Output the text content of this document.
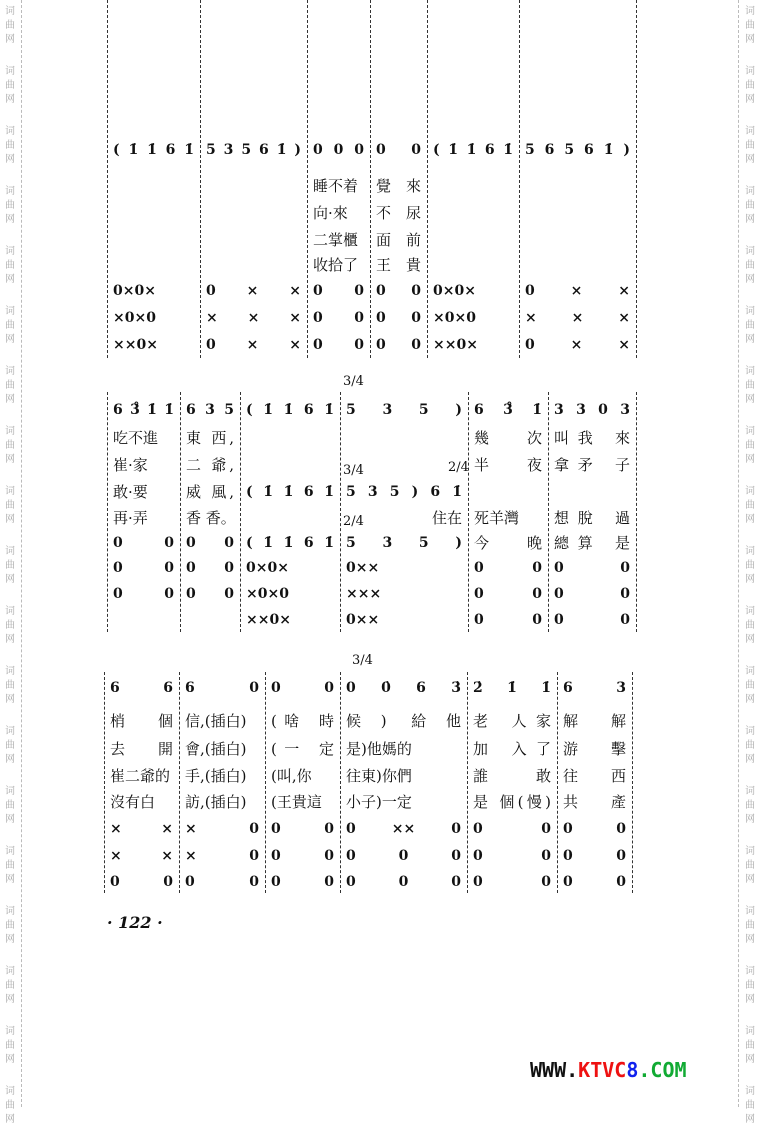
词
曲
网
词
曲
网
词
曲
网
词
曲
网
词
曲
网
词
曲
网
词
曲
网
词
曲
网
词
曲
网
词
曲
网
词
曲
网
词
曲
网
词
曲
网
词
曲
网
词
曲
网
词
曲
网
词
曲
网
词
曲
网
词
曲
网
词
曲
网
词
曲
网
词
曲
网
词
曲
网
词
曲
网
词
曲
网
词
曲
网
词
曲
网
词
曲
网
词
曲
网
词
曲
网
词
曲
网
词
曲
网
词
曲
网
词
曲
网
词
曲
网
词
曲
网
词
曲
网
词
曲
网
( 1̇ 1̇ 6 1̇
0×0×
×0×0
××0×
5 3 5 6 1̇ )
0 × ×
× × ×
0 × ×
0 0 0
睡不着
向·來
二掌櫃
收拾了
0 0
0 0
0 0
0 0
覺 來
不 尿
面 前
王 貴
0 0
0 0
0 0
( 1̇ 1̇ 6 1̇
0×0×
×0×0
××0×
5 6 5 6 1̇ )
0 × ×
× × ×
0 × ×
6 3̊ 1̇ 1̇
吃不進
崔·家
敢·要
再·弄
0 0
0 0
0 0
6 3 5
東 西,
二 爺,
威 風,
香 香。
0 0
0 0
0 0
( 1̇ 1̇ 6 1̇
( 1̇ 1̇ 6 1̇
( 1̇ 1̇ 6 1̇
0×0×
×0×0
××0×
5 3 5 )
5 3 5 ) 6 1̇
住在
5 3 5 )
0××
×××
0××
6 3̊ 1̇
幾 次
半 夜
死羊灣
今 晚
0 0
0 0
0 0
3 3 0 3
叫我 來
拿矛 子
想脫 過
總算 是
0 0
0 0
0 0
3/4
3/4
2/4
2/4
6 6
梢 個
去 開
崔二爺的
沒有白
× ×
× ×
0 0
6 0
信,(插白)
會,(插白)
手,(插白)
訪,(插白)
× 0
× 0
0 0
0 0
(啥 時
(一 定
(叫,你
(王貴這
0 0
0 0
0 0
0 0̇ 6 3̇
候) 給他
是)他媽的
往東)你們
小子)一定
0 ×× 0
0 0 0
0 0 0
2̇ 1̇ 1̇
老 人家
加 入了
誰 敢
是 個(慢)
0 0
0 0
0 0
6 3
解 解
游 擊
往 西
共 產
0 0
0 0
0 0
3/4
· 122 ·
WWW.KTVC8.COM
